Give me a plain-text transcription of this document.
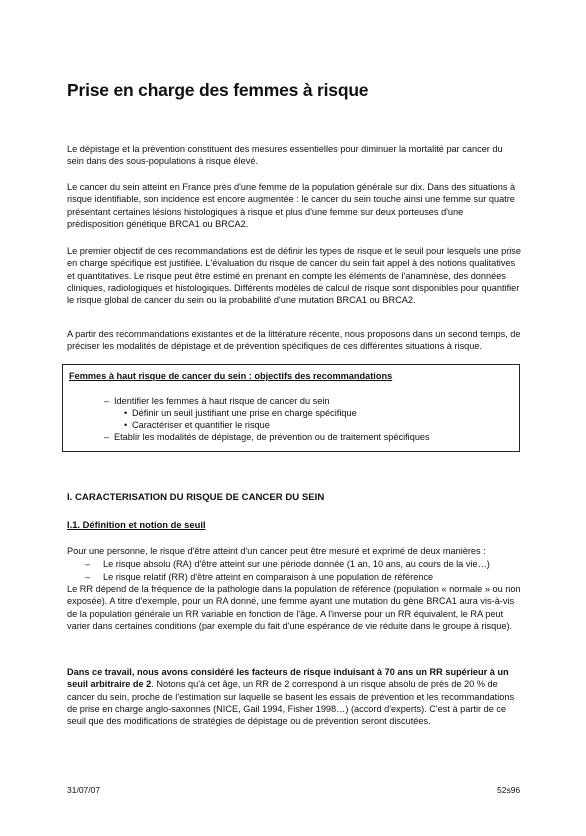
Prise en charge des femmes à risque

Le dépistage et la prévention constituent des mesures essentielles pour diminuer la mortalité par cancer du sein dans des sous-populations à risque élevé.

Le cancer du sein atteint en France près d'une femme de la population générale sur dix. Dans des situations à risque identifiable, son incidence est encore augmentée : le cancer du sein touche ainsi une femme sur quatre présentant certaines lésions histologiques à risque et plus d'une femme sur deux porteuses d'une prédisposition génétique BRCA1 ou BRCA2.

Le premier objectif de ces recommandations est de définir les types de risque et le seuil pour lesquels une prise en charge spécifique est justifiée. L'évaluation du risque de cancer du sein fait appel à des notions qualitatives et quantitatives. Le risque peut être estimé en prenant en compte les éléments de l'anamnèse, des données cliniques, radiologiques et histologiques. Différents modèles de calcul de risque sont disponibles pour quantifier le risque global de cancer du sein ou la probabilité d'une mutation BRCA1 ou BRCA2.

A partir des recommandations existantes et de la littérature récente, nous proposons dans un second temps, de préciser les modalités de dépistage et de prévention spécifiques de ces différentes situations à risque.

Femmes à haut risque de cancer du sein : objectifs des recommandations
– Identifier les femmes à haut risque de cancer du sein
• Définir un seuil justifiant une prise en charge spécifique
• Caractériser et quantifier le risque
– Etablir les modalités de dépistage, de prévention ou de traitement spécifiques
I. CARACTERISATION DU RISQUE DE CANCER DU SEIN
I.1. Définition et notion de seuil

Pour une personne, le risque d'être atteint d'un cancer peut être mesuré et exprimé de deux manières :

– Le risque absolu (RA) d'être atteint sur une période donnée (1 an, 10 ans, au cours de la vie…)
– Le risque relatif (RR) d'être atteint en comparaison à une population de référence

Le RR dépend de la fréquence de la pathologie dans la population de référence (population « normale » ou non exposée). A titre d'exemple, pour un RA donné, une femme ayant une mutation du gène BRCA1 aura vis-à-vis de la population générale un RR variable en fonction de l'âge. A l'inverse pour un RR équivalent, le RA peut varier dans certaines conditions (par exemple du fait d'une espérance de vie réduite dans le groupe à risque).

Dans ce travail, nous avons considéré les facteurs de risque induisant à 70 ans un RR supérieur à un seuil arbitraire de 2. Notons qu'à cet âge, un RR de 2 correspond à un risque absolu de près de 20 % de cancer du sein, proche de l'estimation sur laquelle se basent les essais de prévention et les recommandations de prise en charge anglo-saxonnes (NICE, Gail 1994, Fisher 1998…) (accord d'experts). C'est à partir de ce seuil que des modifications de stratégies de dépistage ou de prévention seront discutées.

31/07/07	52s96
